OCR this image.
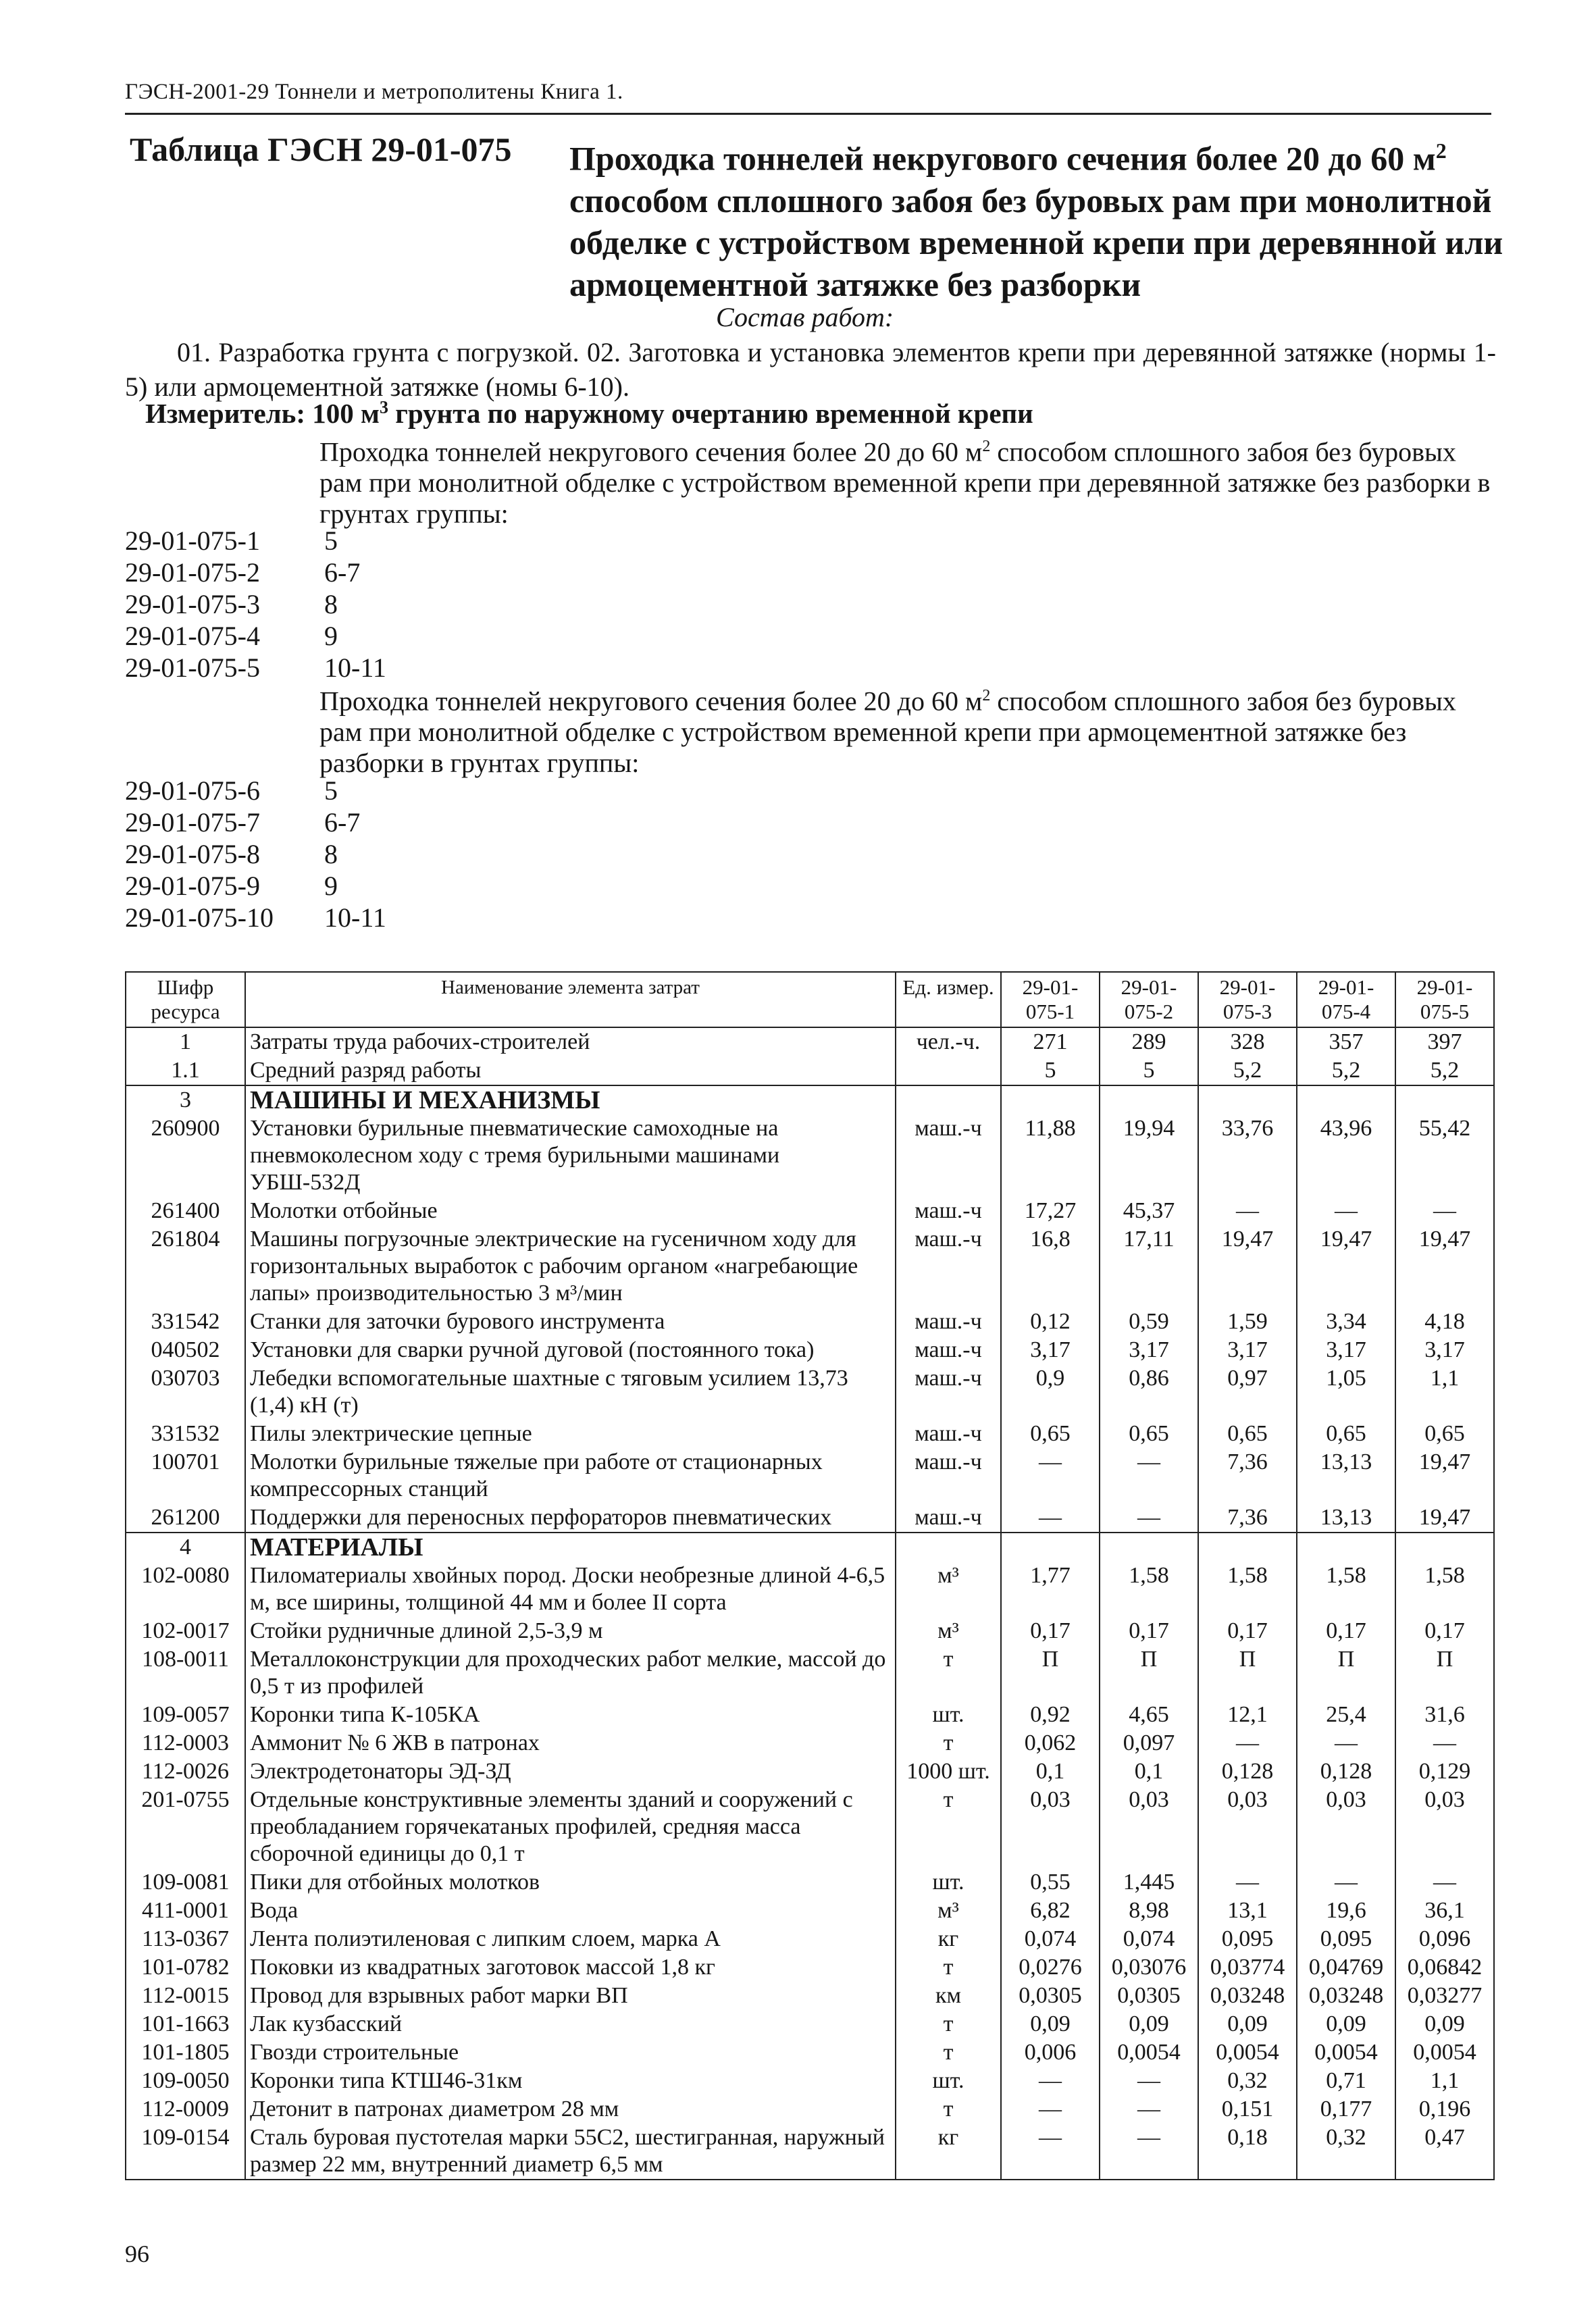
ГЭСН-2001-29 Тоннели и метрополитены Книга 1.
Таблица ГЭСН 29-01-075 Проходка тоннелей некругового сечения более 20 до 60 $м^2$ способом сплошного забоя без буровых рам при монолитной обделке с устройством временной крепи при деревянной или армоцементной затяжке без разборки
Состав работ:
01. Разработка грунта с погрузкой. 02. Заготовка и установка элементов крепи при деревянной затяжке (нормы 1-5) или армоцементной затяжке (номы 6-10).
Измеритель: 100 $м^3$ грунта по наружному очертанию временной крепи
Проходка тоннелей некругового сечения более 20 до 60 $м^2$ способом сплошного забоя без буровых рам при монолитной обделке с устройством временной крепи при деревянной затяжке без разборки в грунтах группы:
29-01-075-1	5
29-01-075-2	6-7
29-01-075-3	8
29-01-075-4	9
29-01-075-5	10-11
Проходка тоннелей некругового сечения более 20 до 60 $м^2$ способом сплошного забоя без буровых рам при монолитной обделке с устройством временной крепи при армоцементной затяжке без разборки в грунтах группы:
29-01-075-6	5
29-01-075-7	6-7
29-01-075-8	8
29-01-075-9	9
29-01-075-10	10-11
Шифр ресурса	Наименование элемента затрат	Ед. измер.	29-01-075-1	29-01-075-2	29-01-075-3	29-01-075-4	29-01-075-5
1	Затраты труда рабочих-строителей	чел.-ч.	271	289	328	357	397
1.1	Средний разряд работы		5	5	5,2	5,2	5,2
3	МАШИНЫ И МЕХАНИЗМЫ						
260900	Установки бурильные пневматические самоходные на пневмоколесном ходу с тремя бурильными машинами УБШ-532Д	маш.-ч	11,88	19,94	33,76	43,96	55,42
261400	Молотки отбойные	маш.-ч	17,27	45,37	—	—	—
261804	Машины погрузочные электрические на гусеничном ходу для горизонтальных выработок с рабочим органом «нагребающие лапы» производительностью 3 м³/мин	маш.-ч	16,8	17,11	19,47	19,47	19,47
331542	Станки для заточки бурового инструмента	маш.-ч	0,12	0,59	1,59	3,34	4,18
040502	Установки для сварки ручной дуговой (постоянного тока)	маш.-ч	3,17	3,17	3,17	3,17	3,17
030703	Лебедки вспомогательные шахтные с тяговым усилием 13,73 (1,4) кН (т)	маш.-ч	0,9	0,86	0,97	1,05	1,1
331532	Пилы электрические цепные	маш.-ч	0,65	0,65	0,65	0,65	0,65
100701	Молотки бурильные тяжелые при работе от стационарных компрессорных станций	маш.-ч	—	—	7,36	13,13	19,47
261200	Поддержки для переносных перфораторов пневматических	маш.-ч	—	—	7,36	13,13	19,47
4	МАТЕРИАЛЫ						
102-0080	Пиломатериалы хвойных пород. Доски необрезные длиной 4-6,5 м, все ширины, толщиной 44 мм и более II сорта	м³	1,77	1,58	1,58	1,58	1,58
102-0017	Стойки рудничные длиной 2,5-3,9 м	м³	0,17	0,17	0,17	0,17	0,17
108-0011	Металлоконструкции для проходческих работ мелкие, массой до 0,5 т из профилей	т	П	П	П	П	П
109-0057	Коронки типа К-105КА	шт.	0,92	4,65	12,1	25,4	31,6
112-0003	Аммонит № 6 ЖВ в патронах	т	0,062	0,097	—	—	—
112-0026	Электродетонаторы ЭД-ЗД	1000 шт.	0,1	0,1	0,128	0,128	0,129
201-0755	Отдельные конструктивные элементы зданий и сооружений с преобладанием горячекатаных профилей, средняя масса сборочной единицы до 0,1 т	т	0,03	0,03	0,03	0,03	0,03
109-0081	Пики для отбойных молотков	шт.	0,55	1,445	—	—	—
411-0001	Вода	м³	6,82	8,98	13,1	19,6	36,1
113-0367	Лента полиэтиленовая с липким слоем, марка А	кг	0,074	0,074	0,095	0,095	0,096
101-0782	Поковки из квадратных заготовок массой 1,8 кг	т	0,0276	0,03076	0,03774	0,04769	0,06842
112-0015	Провод для взрывных работ марки ВП	км	0,0305	0,0305	0,03248	0,03248	0,03277
101-1663	Лак кузбасский	т	0,09	0,09	0,09	0,09	0,09
101-1805	Гвозди строительные	т	0,006	0,0054	0,0054	0,0054	0,0054
109-0050	Коронки типа КТШ46-31км	шт.	—	—	0,32	0,71	1,1
112-0009	Детонит в патронах диаметром 28 мм	т	—	—	0,151	0,177	0,196
109-0154	Сталь буровая пустотелая марки 55С2, шестигранная, наружный размер 22 мм, внутренний диаметр 6,5 мм	кг	—	—	0,18	0,32	0,47
96
